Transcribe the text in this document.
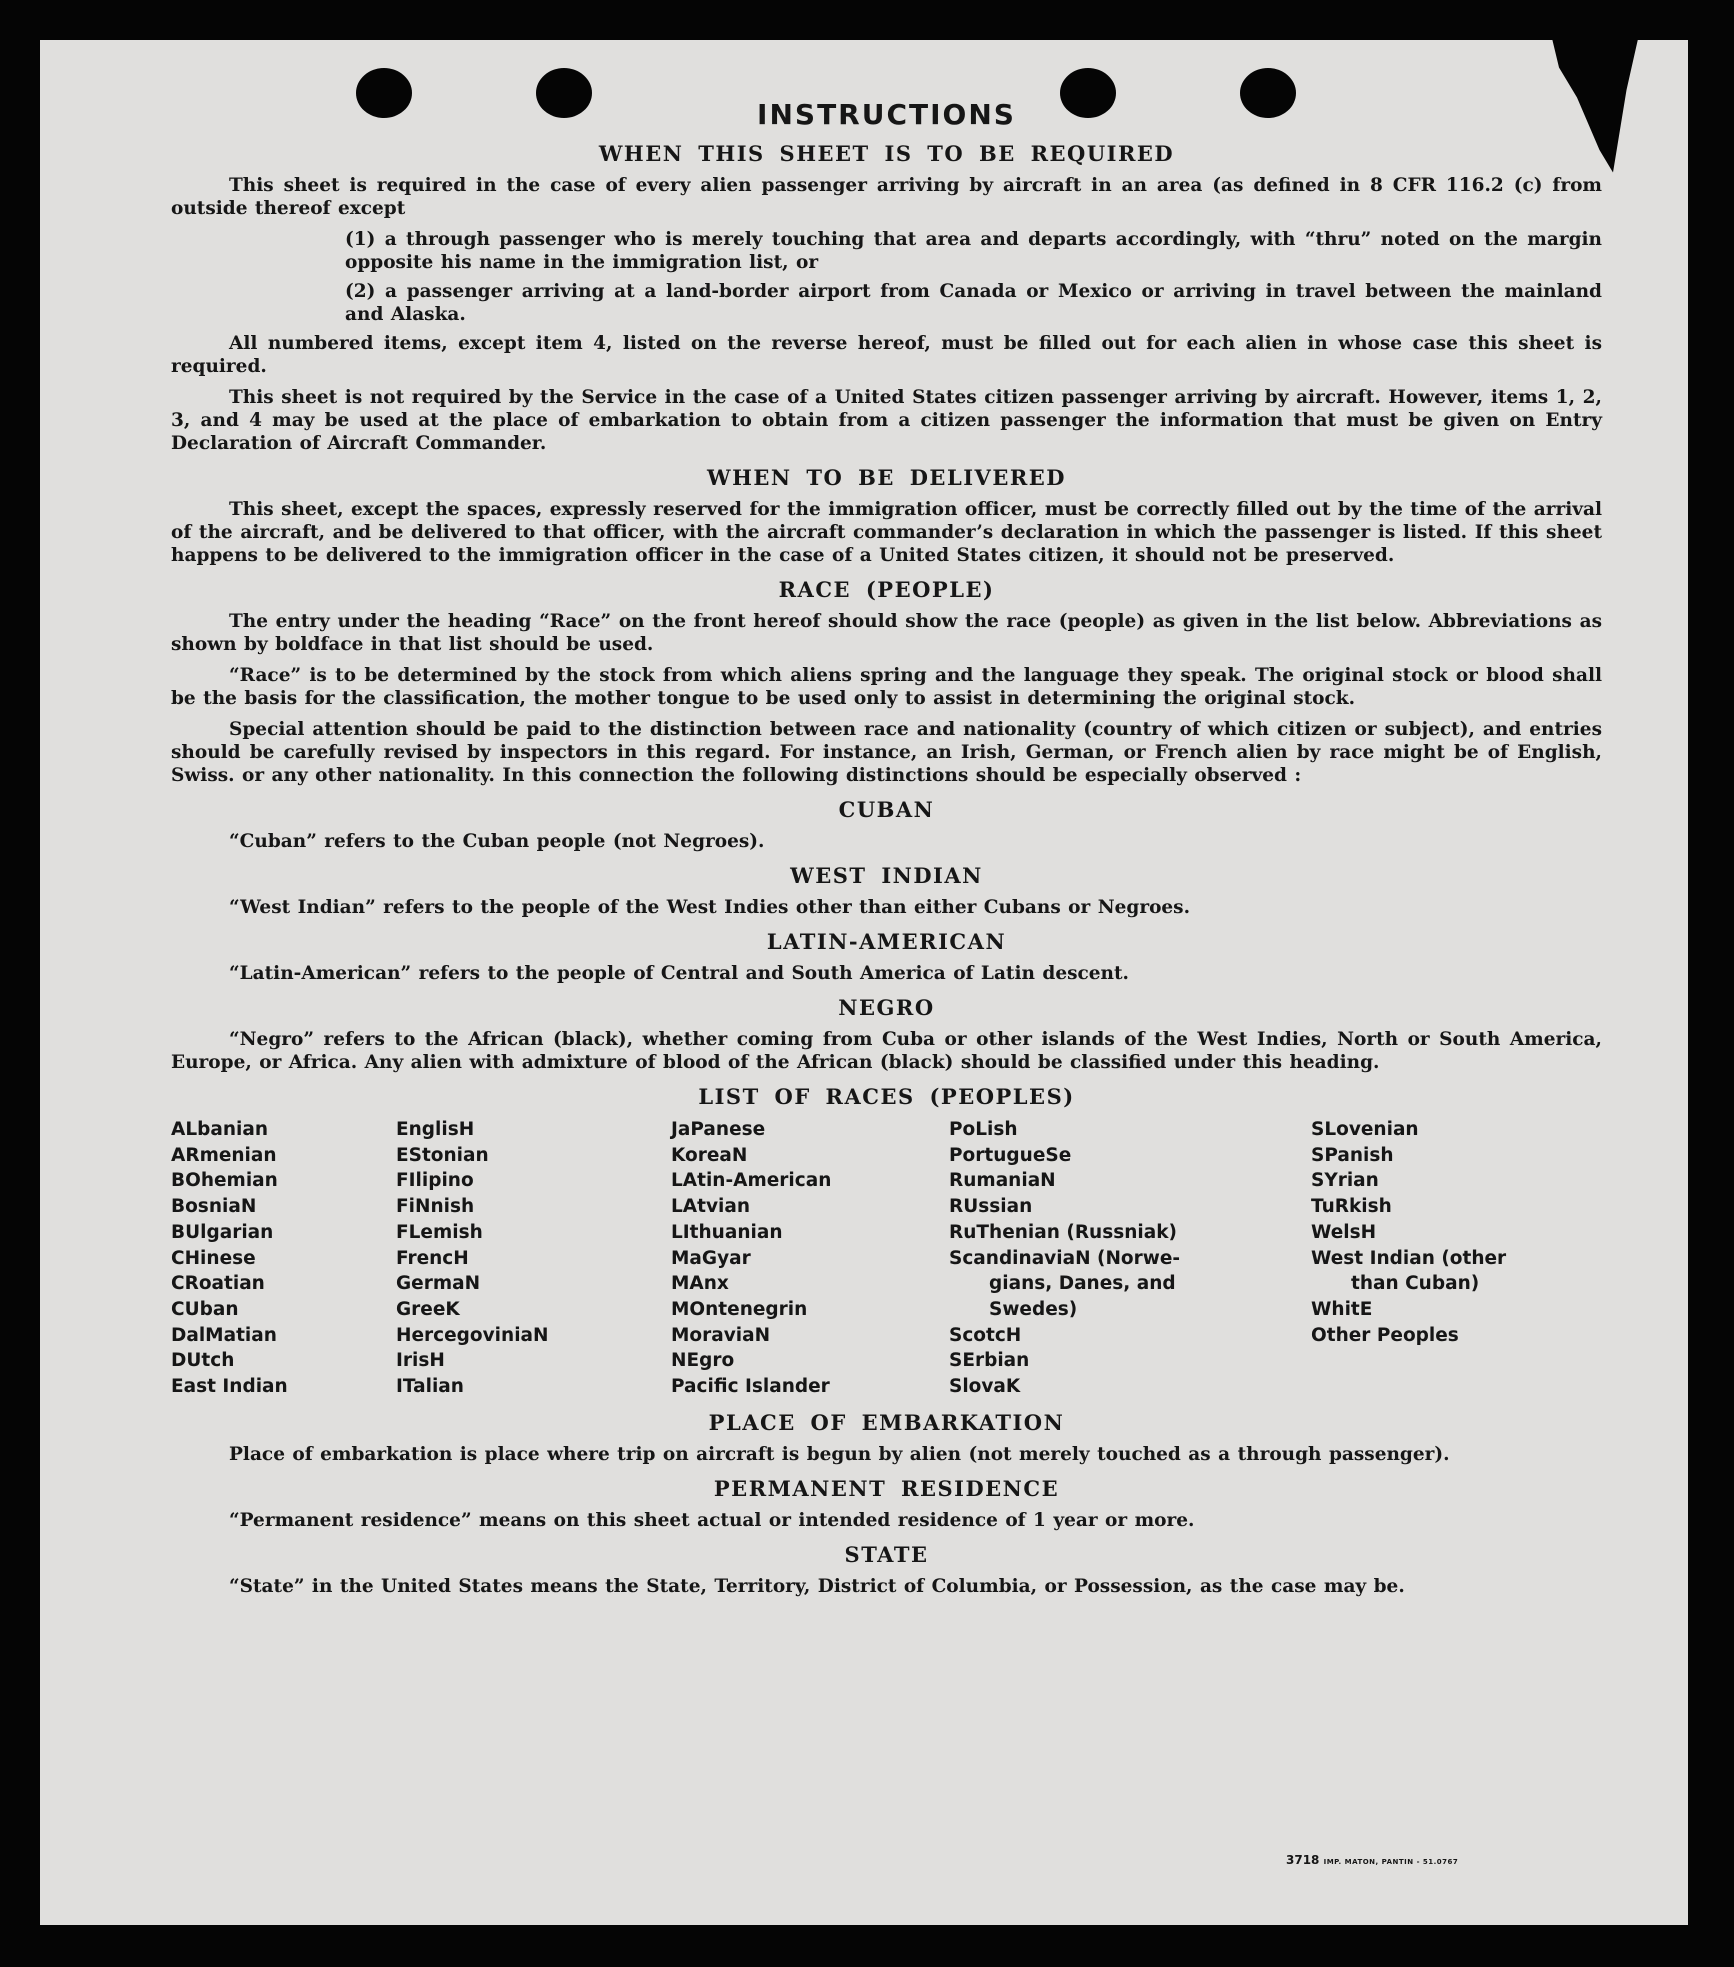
INSTRUCTIONS
WHEN THIS SHEET IS TO BE REQUIRED

This sheet is required in the case of every alien passenger arriving by aircraft in an area (as defined in 8 CFR 116.2 (c) from outside thereof except

(1) a through passenger who is merely touching that area and departs accordingly, with “thru” noted on the margin opposite his name in the immigration list, or

(2) a passenger arriving at a land-border airport from Canada or Mexico or arriving in travel between the mainland and Alaska.

All numbered items, except item 4, listed on the reverse hereof, must be filled out for each alien in whose case this sheet is required.

This sheet is not required by the Service in the case of a United States citizen passenger arriving by aircraft. However, items 1, 2, 3, and 4 may be used at the place of embarkation to obtain from a citizen passenger the information that must be given on Entry Declaration of Aircraft Commander.

WHEN TO BE DELIVERED

This sheet, except the spaces, expressly reserved for the immigration officer, must be correctly filled out by the time of the arrival of the aircraft, and be delivered to that officer, with the aircraft commander’s declaration in which the passenger is listed. If this sheet happens to be delivered to the immigration officer in the case of a United States citizen, it should not be preserved.

RACE (PEOPLE)

The entry under the heading “Race” on the front hereof should show the race (people) as given in the list below. Abbreviations as shown by boldface in that list should be used.

“Race” is to be determined by the stock from which aliens spring and the language they speak. The original stock or blood shall be the basis for the classification, the mother tongue to be used only to assist in determining the original stock.

Special attention should be paid to the distinction between race and nationality (country of which citizen or subject), and entries should be carefully revised by inspectors in this regard. For instance, an Irish, German, or French alien by race might be of English, Swiss. or any other nationality. In this connection the following distinctions should be especially observed :

CUBAN

“Cuban” refers to the Cuban people (not Negroes).

WEST INDIAN

“West Indian” refers to the people of the West Indies other than either Cubans or Negroes.

LATIN-AMERICAN

“Latin-American” refers to the people of Central and South America of Latin descent.

NEGRO

“Negro” refers to the African (black), whether coming from Cuba or other islands of the West Indies, North or South America, Europe, or Africa. Any alien with admixture of blood of the African (black) should be classified under this heading.

LIST OF RACES (PEOPLES)
ALbanian
ARmenian
BOhemian
BosniaN
BUlgarian
CHinese
CRoatian
CUban
DalMatian
DUtch
East Indian
EnglisH
EStonian
FIlipino
FiNnish
FLemish
FrencH
GermaN
GreeK
HercegoviniaN
IrisH
ITalian
JaPanese
KoreaN
LAtin-American
LAtvian
LIthuanian
MaGyar
MAnx
MOntenegrin
MoraviaN
NEgro
Pacific Islander
PoLish
PortugueSe
RumaniaN
RUssian
RuThenian (Russniak)
ScandinaviaN (Norwe-
gians, Danes, and
Swedes)
ScotcH
SErbian
SlovaK
SLovenian
SPanish
SYrian
TuRkish
WelsH
West Indian (other
than Cuban)
WhitE
Other Peoples
PLACE OF EMBARKATION

Place of embarkation is place where trip on aircraft is begun by alien (not merely touched as a through passenger).

PERMANENT RESIDENCE

“Permanent residence” means on this sheet actual or intended residence of 1 year or more.

STATE

“State” in the United States means the State, Territory, District of Columbia, or Possession, as the case may be.

3718 IMP. MATON, PANTIN - 51.0767
